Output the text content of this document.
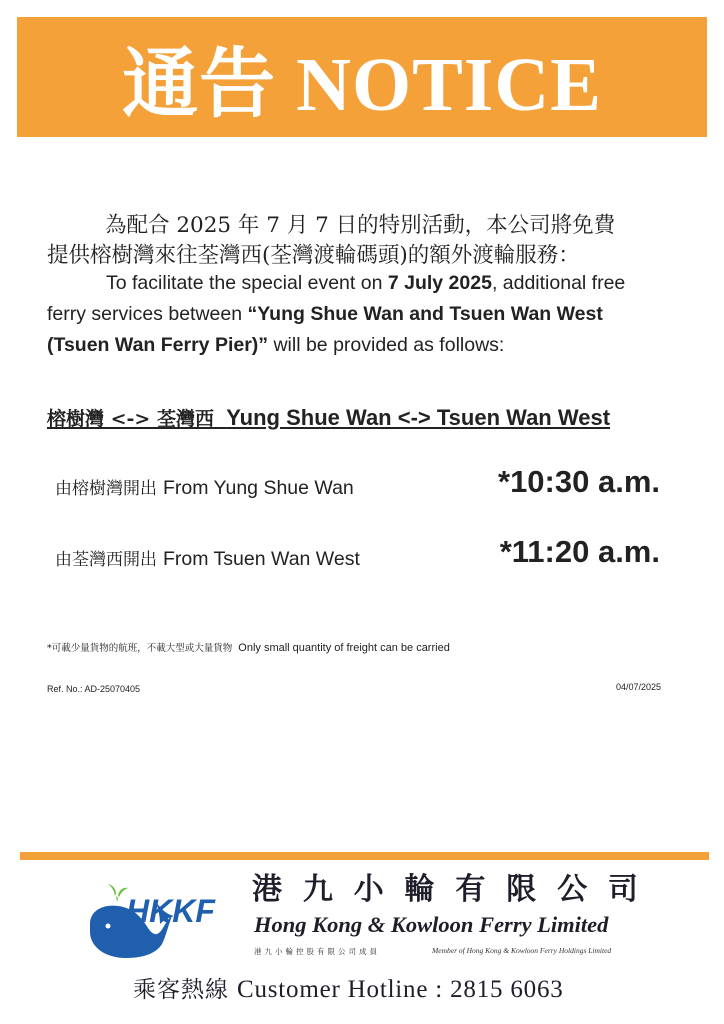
通告 NOTICE
為配合 2025 年 7 月 7 日的特別活動，本公司將免費
提供榕樹灣來往荃灣西(荃灣渡輪碼頭)的額外渡輪服務：
To facilitate the special event on 7 July 2025, additional free
ferry services between “Yung Shue Wan and Tsuen Wan West
(Tsuen Wan Ferry Pier)” will be provided as follows:
榕樹灣 <-> 荃灣西 Yung Shue Wan <-> Tsuen Wan West
由榕樹灣開出 From Yung Shue Wan	*10:30 a.m.
由荃灣西開出 From Tsuen Wan West	*11:20 a.m.
*可載少量貨物的航班，不載大型或大量貨物 Only small quantity of freight can be carried
Ref. No.: AD-25070405	04/07/2025
HKKF
港 九 小 輪 有 限 公 司
Hong Kong & Kowloon Ferry Limited
港九小輪控股有限公司成員	Member of Hong Kong & Kowloon Ferry Holdings Limited
乘客熱線 Customer Hotline : 2815 6063
